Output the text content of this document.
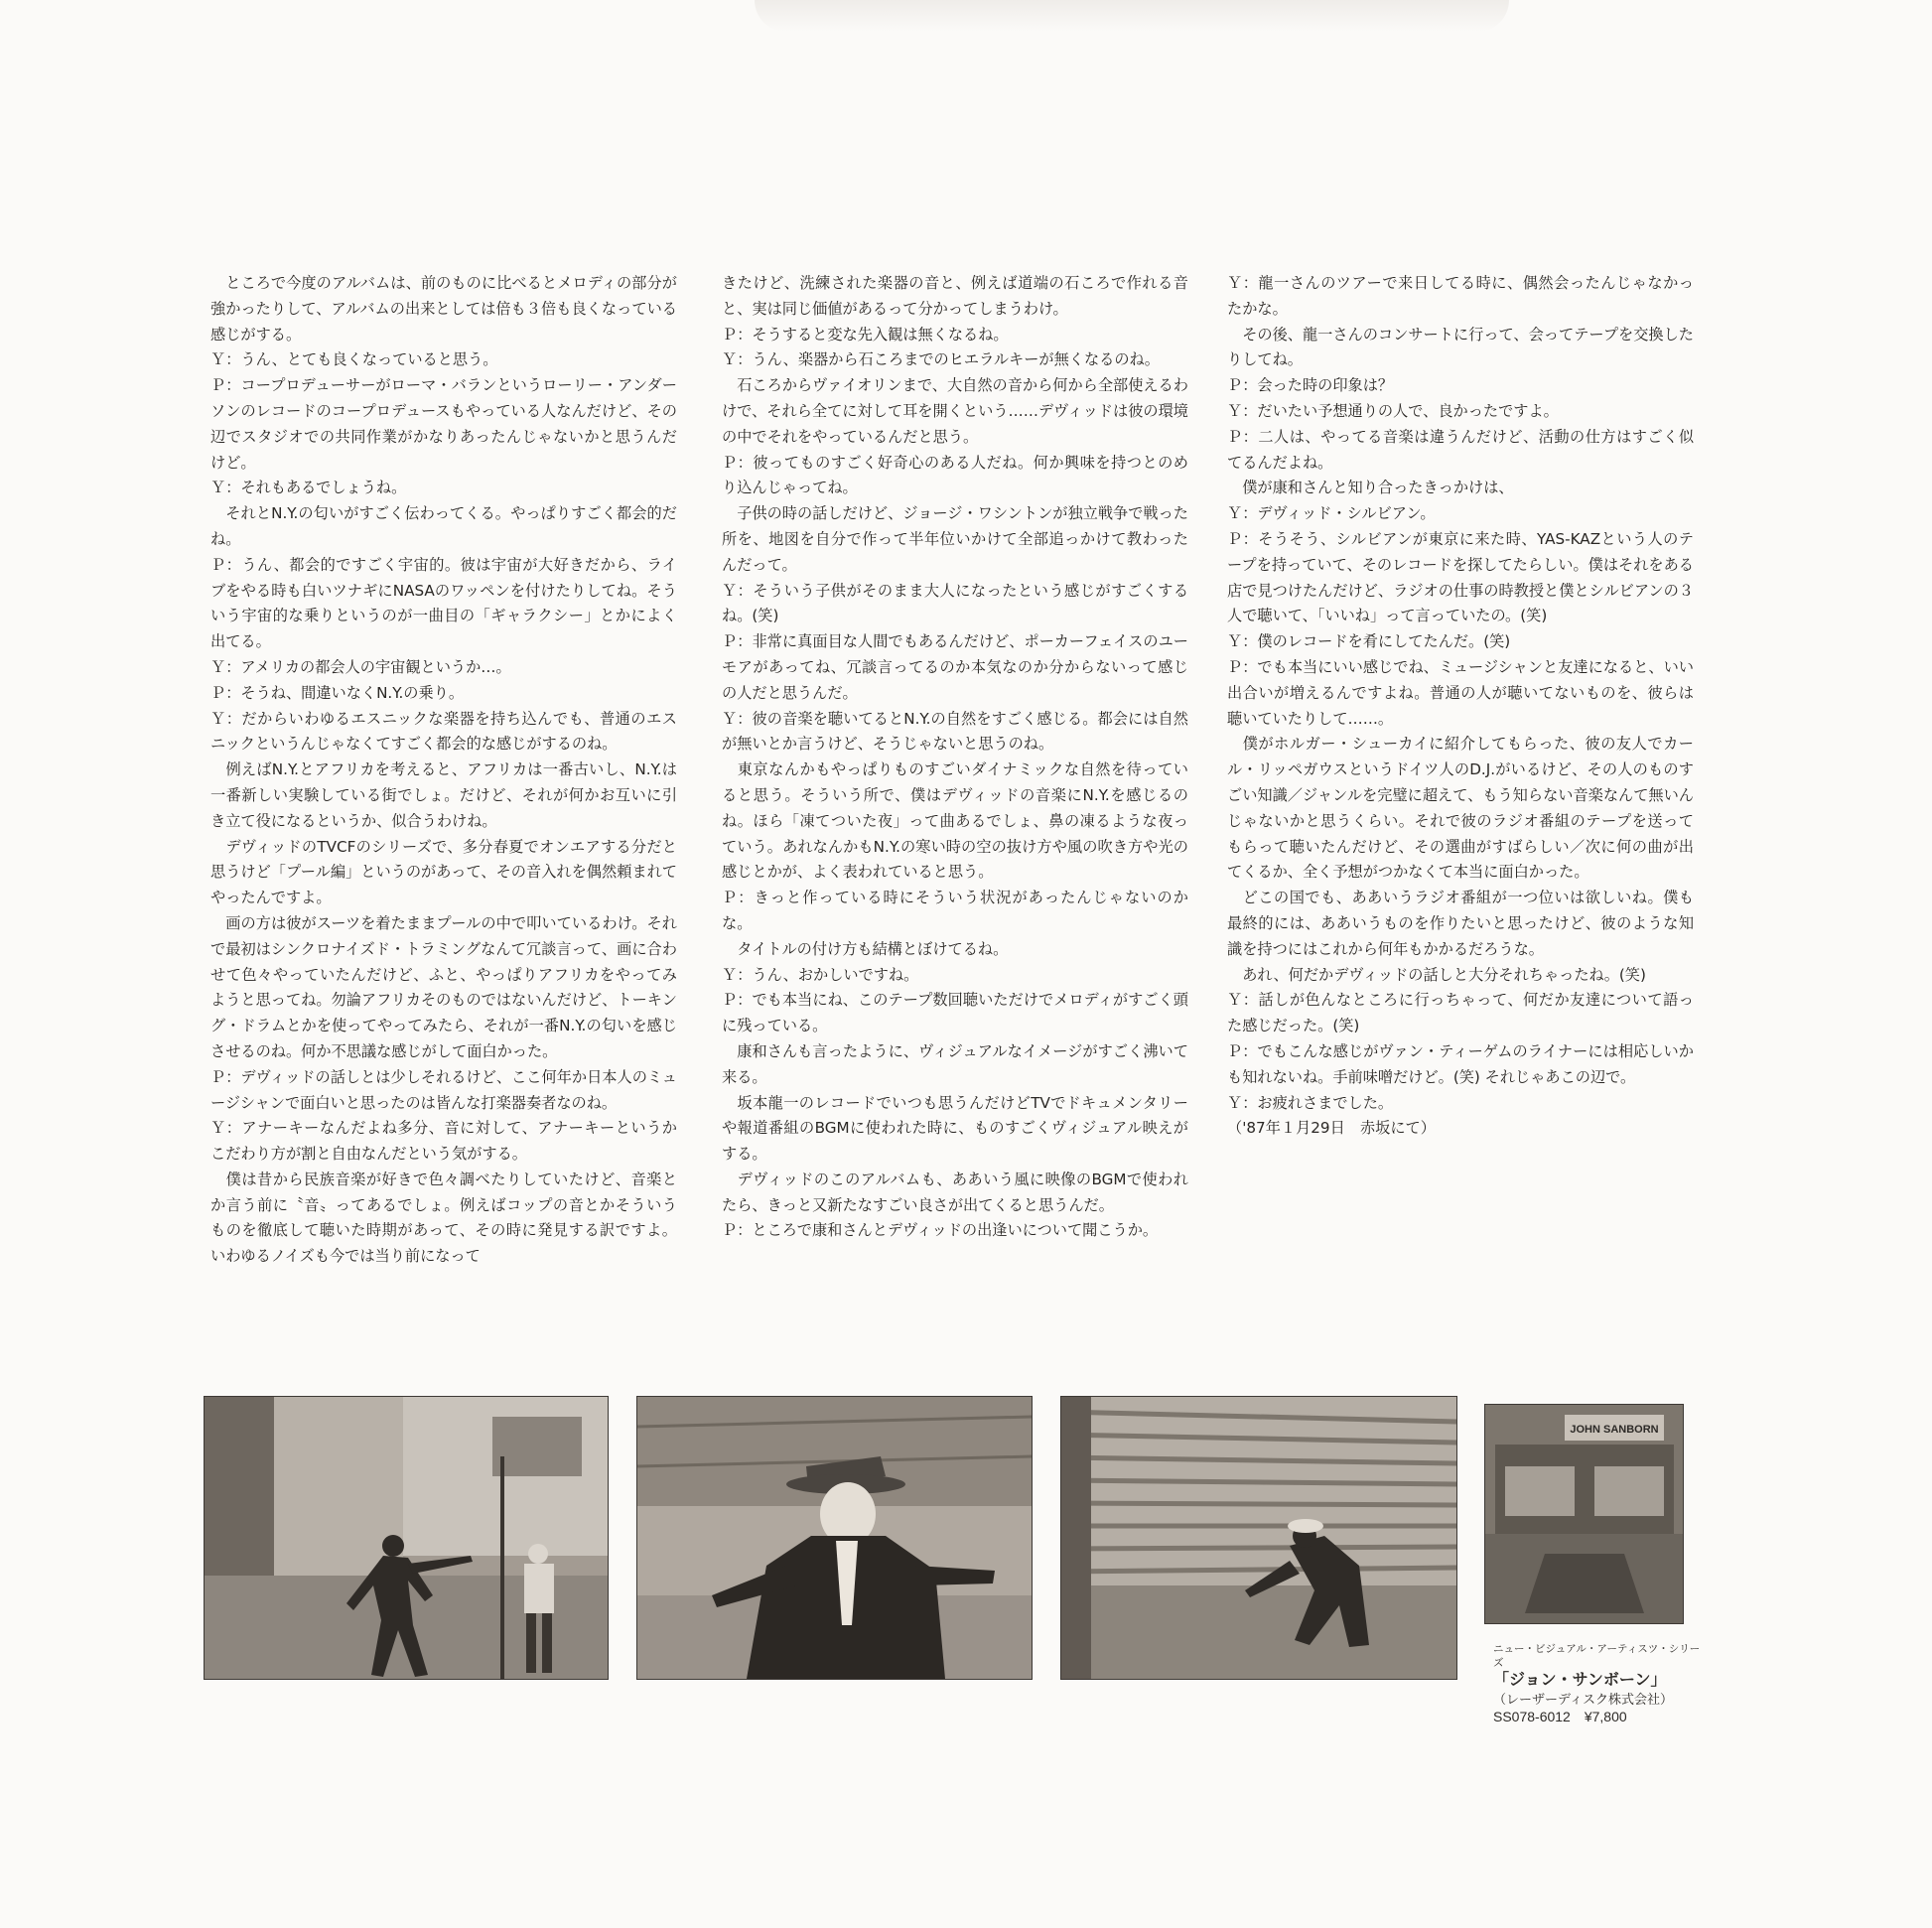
　ところで今度のアルバムは、前のものに比べるとメロディの部分が強かったりして、アルバムの出来としては倍も３倍も良くなっている感じがする。

Ｙ：うん、とても良くなっていると思う。

Ｐ：コープロデューサーがローマ・バランというローリー・アンダーソンのレコードのコープロデュースもやっている人なんだけど、その辺でスタジオでの共同作業がかなりあったんじゃないかと思うんだけど。

Ｙ：それもあるでしょうね。

　それとN.Y.の匂いがすごく伝わってくる。やっぱりすごく都会的だね。

Ｐ：うん、都会的ですごく宇宙的。彼は宇宙が大好きだから、ライブをやる時も白いツナギにNASAのワッペンを付けたりしてね。そういう宇宙的な乗りというのが一曲目の「ギャラクシー」とかによく出てる。

Ｙ：アメリカの都会人の宇宙観というか…。

Ｐ：そうね、間違いなくN.Y.の乗り。

Ｙ：だからいわゆるエスニックな楽器を持ち込んでも、普通のエスニックというんじゃなくてすごく都会的な感じがするのね。

　例えばN.Y.とアフリカを考えると、アフリカは一番古いし、N.Y.は一番新しい実験している街でしょ。だけど、それが何かお互いに引き立て役になるというか、似合うわけね。

　デヴィッドのTVCFのシリーズで、多分春夏でオンエアする分だと思うけど「プール編」というのがあって、その音入れを偶然頼まれてやったんですよ。

　画の方は彼がスーツを着たままプールの中で叩いているわけ。それで最初はシンクロナイズド・トラミングなんて冗談言って、画に合わせて色々やっていたんだけど、ふと、やっぱりアフリカをやってみようと思ってね。勿論アフリカそのものではないんだけど、トーキング・ドラムとかを使ってやってみたら、それが一番N.Y.の匂いを感じさせるのね。何か不思議な感じがして面白かった。

Ｐ：デヴィッドの話しとは少しそれるけど、ここ何年か日本人のミュージシャンで面白いと思ったのは皆んな打楽器奏者なのね。

Ｙ：アナーキーなんだよね多分、音に対して、アナーキーというかこだわり方が割と自由なんだという気がする。

　僕は昔から民族音楽が好きで色々調べたりしていたけど、音楽とか言う前に〝音〟ってあるでしょ。例えばコップの音とかそういうものを徹底して聴いた時期があって、その時に発見する訳ですよ。いわゆるノイズも今では当り前になって

きたけど、洗練された楽器の音と、例えば道端の石ころで作れる音と、実は同じ価値があるって分かってしまうわけ。

Ｐ：そうすると変な先入観は無くなるね。

Ｙ：うん、楽器から石ころまでのヒエラルキーが無くなるのね。

　石ころからヴァイオリンまで、大自然の音から何から全部使えるわけで、それら全てに対して耳を開くという……デヴィッドは彼の環境の中でそれをやっているんだと思う。

Ｐ：彼ってものすごく好奇心のある人だね。何か興味を持つとのめり込んじゃってね。

　子供の時の話しだけど、ジョージ・ワシントンが独立戦争で戦った所を、地図を自分で作って半年位いかけて全部追っかけて教わったんだって。

Ｙ：そういう子供がそのまま大人になったという感じがすごくするね。(笑)

Ｐ：非常に真面目な人間でもあるんだけど、ポーカーフェイスのユーモアがあってね、冗談言ってるのか本気なのか分からないって感じの人だと思うんだ。

Ｙ：彼の音楽を聴いてるとN.Y.の自然をすごく感じる。都会には自然が無いとか言うけど、そうじゃないと思うのね。

　東京なんかもやっぱりものすごいダイナミックな自然を待っていると思う。そういう所で、僕はデヴィッドの音楽にN.Y.を感じるのね。ほら「凍てついた夜」って曲あるでしょ、鼻の凍るような夜っていう。あれなんかもN.Y.の寒い時の空の抜け方や風の吹き方や光の感じとかが、よく表われていると思う。

Ｐ：きっと作っている時にそういう状況があったんじゃないのかな。

　タイトルの付け方も結構とぼけてるね。

Ｙ：うん、おかしいですね。

Ｐ：でも本当にね、このテープ数回聴いただけでメロディがすごく頭に残っている。

　康和さんも言ったように、ヴィジュアルなイメージがすごく沸いて来る。

　坂本龍一のレコードでいつも思うんだけどTVでドキュメンタリーや報道番組のBGMに使われた時に、ものすごくヴィジュアル映えがする。

　デヴィッドのこのアルバムも、ああいう風に映像のBGMで使われたら、きっと又新たなすごい良さが出てくると思うんだ。

Ｐ：ところで康和さんとデヴィッドの出逢いについて聞こうか。

Ｙ：龍一さんのツアーで来日してる時に、偶然会ったんじゃなかったかな。

　その後、龍一さんのコンサートに行って、会ってテープを交換したりしてね。

Ｐ：会った時の印象は？

Ｙ：だいたい予想通りの人で、良かったですよ。

Ｐ：二人は、やってる音楽は違うんだけど、活動の仕方はすごく似てるんだよね。

　僕が康和さんと知り合ったきっかけは、

Ｙ：デヴィッド・シルビアン。

Ｐ：そうそう、シルビアンが東京に来た時、YAS-KAZという人のテープを持っていて、そのレコードを探してたらしい。僕はそれをある店で見つけたんだけど、ラジオの仕事の時教授と僕とシルビアンの３人で聴いて、「いいね」って言っていたの。(笑)

Ｙ：僕のレコードを肴にしてたんだ。(笑)

Ｐ：でも本当にいい感じでね、ミュージシャンと友達になると、いい出合いが増えるんですよね。普通の人が聴いてないものを、彼らは聴いていたりして……。

　僕がホルガー・シューカイに紹介してもらった、彼の友人でカール・リッペガウスというドイツ人のD.J.がいるけど、その人のものすごい知識／ジャンルを完璧に超えて、もう知らない音楽なんて無いんじゃないかと思うくらい。それで彼のラジオ番組のテープを送ってもらって聴いたんだけど、その選曲がすばらしい／次に何の曲が出てくるか、全く予想がつかなくて本当に面白かった。

　どこの国でも、ああいうラジオ番組が一つ位いは欲しいね。僕も最終的には、ああいうものを作りたいと思ったけど、彼のような知識を持つにはこれから何年もかかるだろうな。

　あれ、何だかデヴィッドの話しと大分それちゃったね。(笑)

Ｙ：話しが色んなところに行っちゃって、何だか友達について語った感じだった。(笑)

Ｐ：でもこんな感じがヴァン・ティーゲムのライナーには相応しいかも知れないね。手前味噌だけど。(笑) それじゃあこの辺で。

Ｙ：お疲れさまでした。

（'87年１月29日　赤坂にて）

JOHN SANBORN
ニュー・ビジュアル・アーティスツ・シリーズ
「ジョン・サンボーン」
（レーザーディスク株式会社）
SS078-6012　¥7,800
